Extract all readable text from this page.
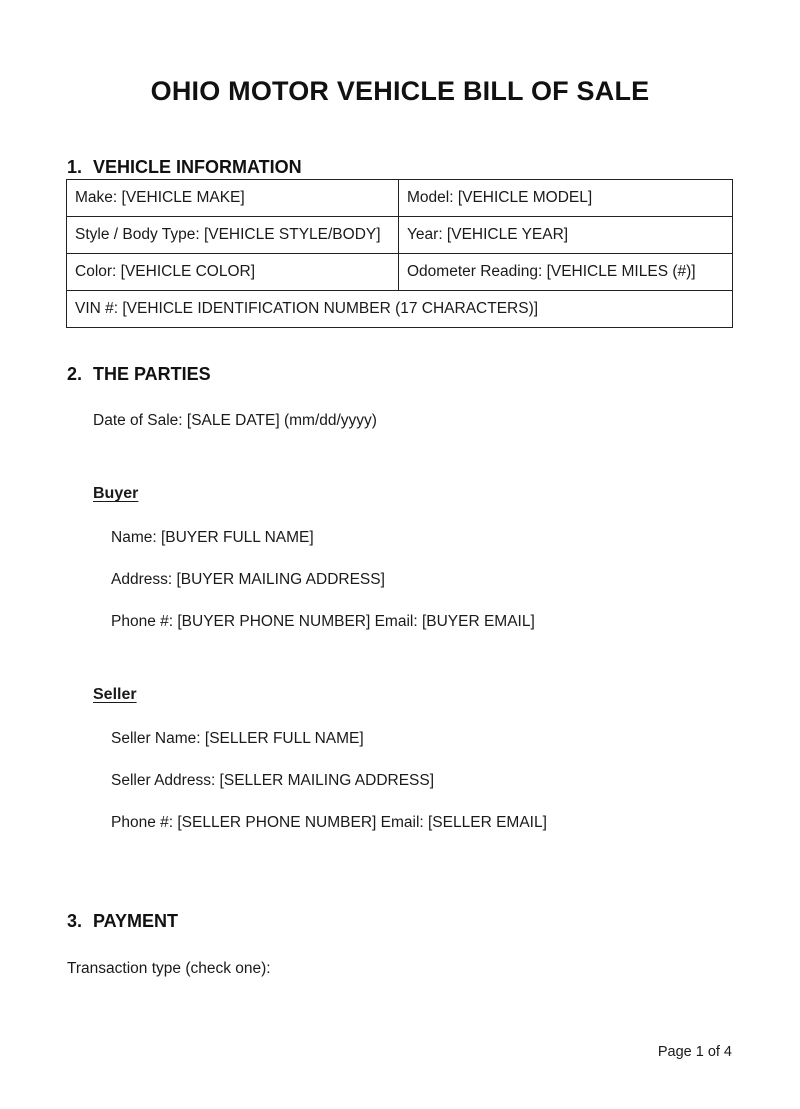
OHIO MOTOR VEHICLE BILL OF SALE
1. VEHICLE INFORMATION
Make: [VEHICLE MAKE]	Model: [VEHICLE MODEL]
Style / Body Type: [VEHICLE STYLE/BODY]	Year: [VEHICLE YEAR]
Color: [VEHICLE COLOR]	Odometer Reading: [VEHICLE MILES (#)]
VIN #: [VEHICLE IDENTIFICATION NUMBER (17 CHARACTERS)]	
2. THE PARTIES
Date of Sale: [SALE DATE] (mm/dd/yyyy)
Buyer
Name: [BUYER FULL NAME]
Address: [BUYER MAILING ADDRESS]
Phone #: [BUYER PHONE NUMBER] Email: [BUYER EMAIL]
Seller
Seller Name: [SELLER FULL NAME]
Seller Address: [SELLER MAILING ADDRESS]
Phone #: [SELLER PHONE NUMBER] Email: [SELLER EMAIL]
3. PAYMENT
Transaction type (check one):
Page 1 of 4
